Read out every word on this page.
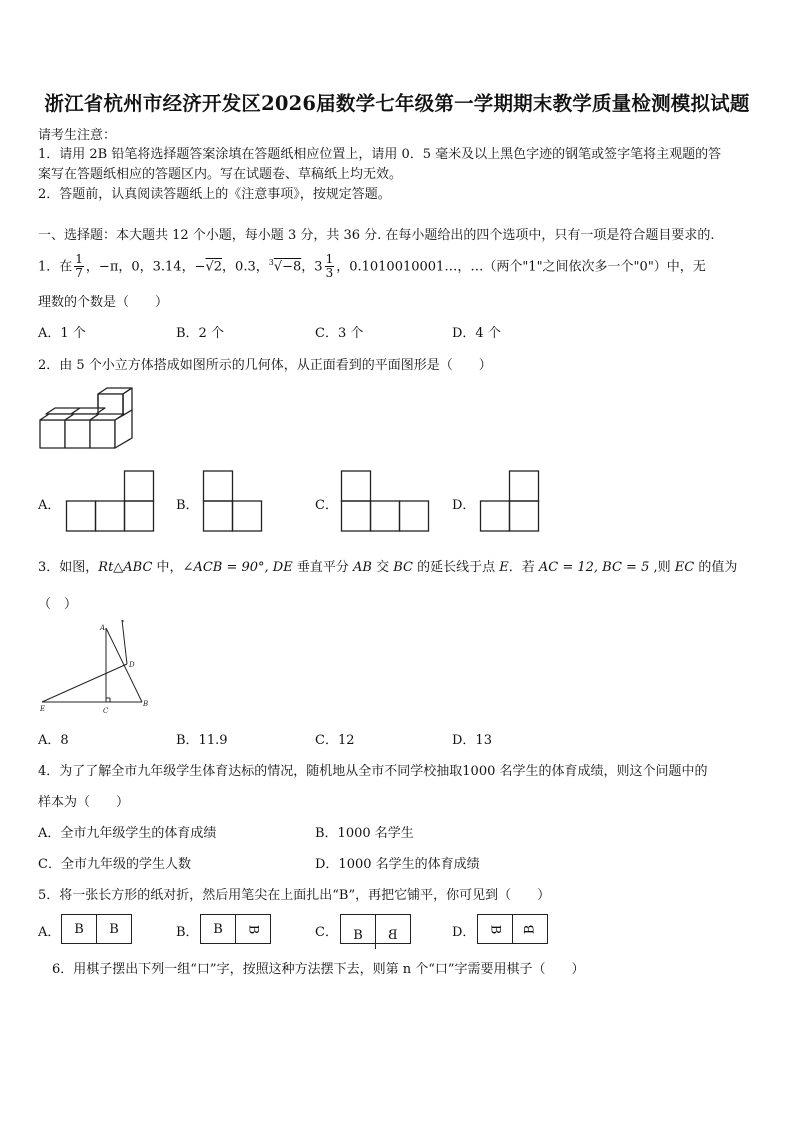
浙江省杭州市经济开发区2026届数学七年级第一学期期末教学质量检测模拟试题
请考生注意：
1．请用 2B 铅笔将选择题答案涂填在答题纸相应位置上，请用 0．5 毫米及以上黑色字迹的钢笔或签字笔将主观题的答
案写在答题纸相应的答题区内。写在试题卷、草稿纸上均无效。
2．答题前，认真阅读答题纸上的《注意事项》，按规定答题。
一、选择题：本大题共 12 个小题，每小题 3 分，共 36 分. 在每小题给出的四个选项中，只有一项是符合题目要求的.
1．在 $\frac{1}{7}$ ，−π，0，3.14，−√2，0.3，$^3$√−8，$3 \frac{1}{3}$ ，0.1010010001…，…（两个"1"之间依次多一个"0"）中，无
理数的个数是（　　）
A．1 个	B．2 个	C．3 个	D．4 个
2．由 5 个小立方体搭成如图所示的几何体，从正面看到的平面图形是（　　）
A．	B．	C．	D．
3．如图，Rt△ABC 中，∠ACB = 90°, DE 垂直平分 AB 交 BC 的延长线于点 E．若 AC = 12, BC = 5 ,则 EC 的值为
（　）
A
D
E	C
B
A．8	B．11.9	C．12	D．13
4．为了了解全市九年级学生体育达标的情况，随机地从全市不同学校抽取1000 名学生的体育成绩，则这个问题中的
样本为（　　）
A．全市九年级学生的体育成绩	B．1000 名学生
C．全市九年级的学生人数	D．1000 名学生的体育成绩
5．将一张长方形的纸对折，然后用笔尖在上面扎出“B”，再把它铺平，你可见到（　　）
A．	B	B	B．	B	B	C．	B	B	D． B B
6．用棋子摆出下列一组“口”字，按照这种方法摆下去，则第 n 个“口”字需要用棋子（　　）
